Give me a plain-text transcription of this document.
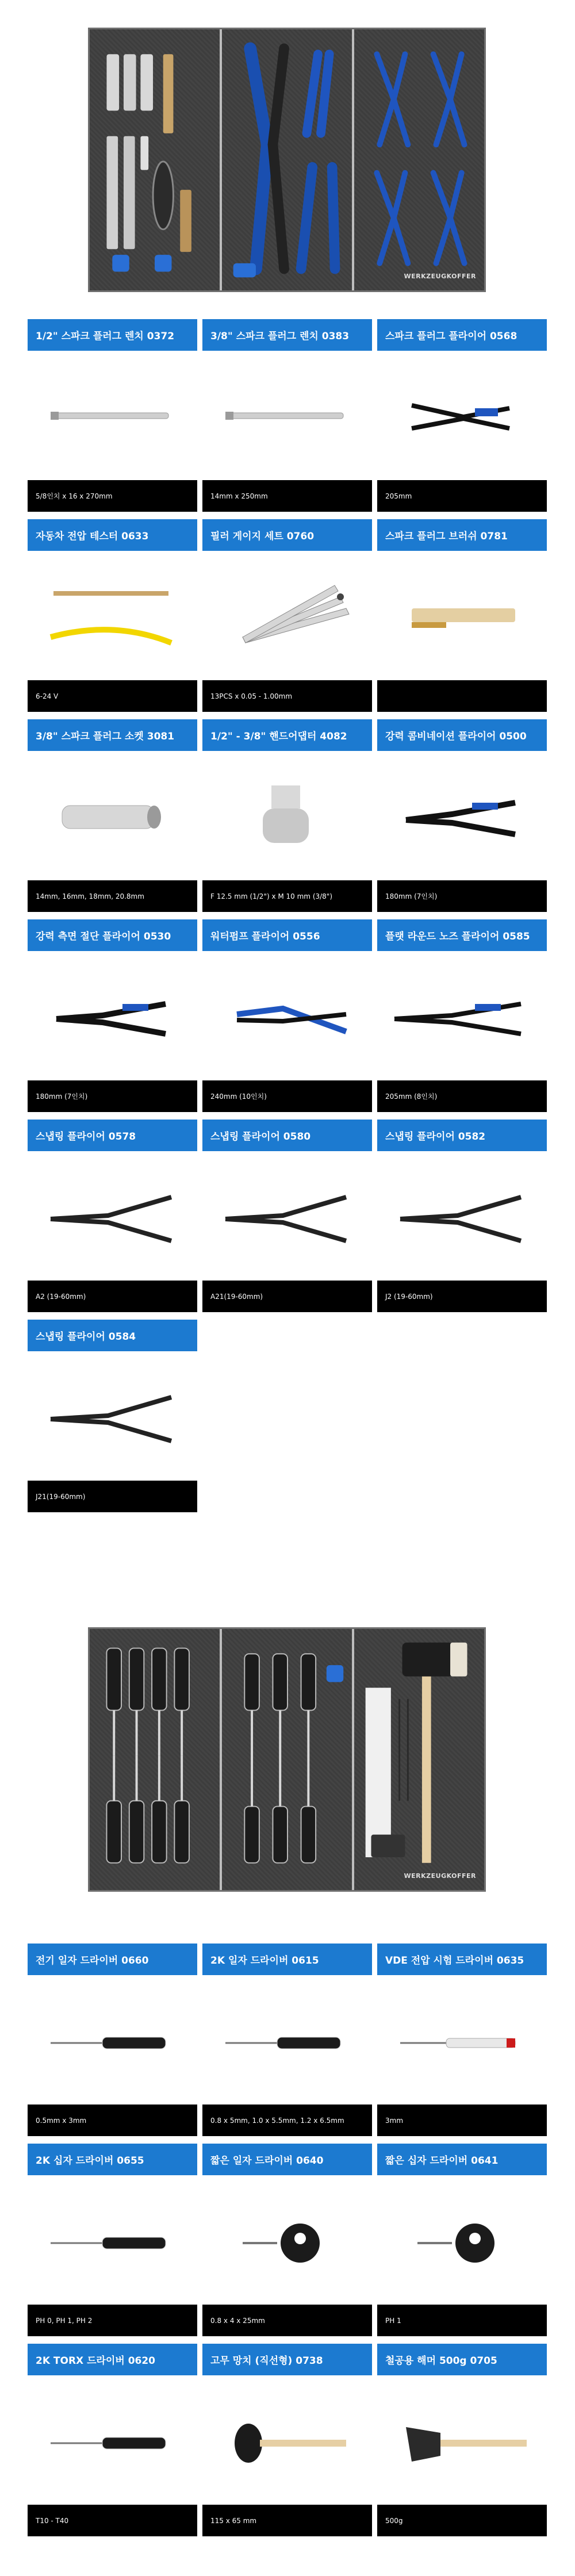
WERKZEUGKOFFER
1/2" 스파크 플러그 렌치 0372
5/8인치 x 16 x 270mm
3/8" 스파크 플러그 렌치 0383
14mm x 250mm
스파크 플러그 플라이어 0568
205mm
자동차 전압 테스터 0633
6-24 V
필러 게이지 세트 0760
13PCS x 0.05 - 1.00mm
스파크 플러그 브러쉬 0781
3/8" 스파크 플러그 소켓 3081
14mm, 16mm, 18mm, 20.8mm
1/2" - 3/8" 핸드어댑터 4082
F 12.5 mm (1/2") x M 10 mm (3/8")
강력 콤비네이션 플라이어 0500
180mm (7인치)
강력 측면 절단 플라이어 0530
180mm (7인치)
워터펌프 플라이어 0556
240mm (10인치)
플랫 라운드 노즈 플라이어 0585
205mm (8인치)
스냅링 플라이어 0578
A2 (19-60mm)
스냅링 플라이어 0580
A21(19-60mm)
스냅링 플라이어 0582
J2 (19-60mm)
스냅링 플라이어 0584
J21(19-60mm)
WERKZEUGKOFFER
전기 일자 드라이버 0660
0.5mm x 3mm
2K 일자 드라이버 0615
0.8 x 5mm, 1.0 x 5.5mm, 1.2 x 6.5mm
VDE 전압 시험 드라이버 0635
3mm
2K 십자 드라이버 0655
PH 0, PH 1, PH 2
짧은 일자 드라이버 0640
0.8 x 4 x 25mm
짧은 십자 드라이버 0641
PH 1
2K TORX 드라이버 0620
T10 - T40
고무 망치 (직선형) 0738
115 x 65 mm
철공용 해머 500g 0705
500g
